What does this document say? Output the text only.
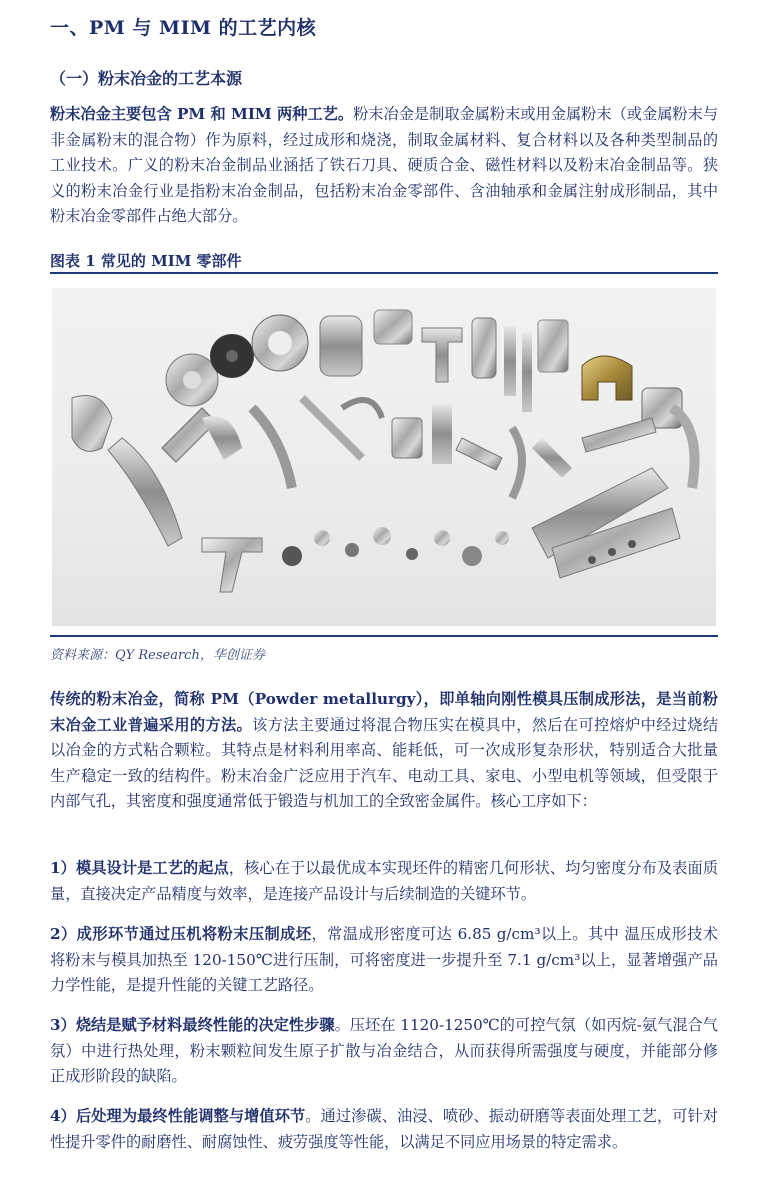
一、PM 与 MIM 的工艺内核
（一）粉末冶金的工艺本源

粉末冶金主要包含 PM 和 MIM 两种工艺。粉末冶金是制取金属粉末或用金属粉末（或金属粉末与非金属粉末的混合物）作为原料，经过成形和烧浇，制取金属材料、复合材料以及各种类型制品的工业技术。广义的粉末冶金制品业涵括了铁石刀具、硬质合金、磁性材料以及粉末冶金制品等。狭义的粉末冶金行业是指粉末冶金制品，包括粉末冶金零部件、含油轴承和金属注射成形制品，其中粉末冶金零部件占绝大部分。

图表 1 常见的 MIM 零部件
资料来源：QY Research，华创证券

传统的粉末冶金，简称 PM（Powder metallurgy），即单轴向刚性模具压制成形法，是当前粉末冶金工业普遍采用的方法。该方法主要通过将混合物压实在模具中，然后在可控熔炉中经过烧结以冶金的方式粘合颗粒。其特点是材料利用率高、能耗低，可一次成形复杂形状，特别适合大批量生产稳定一致的结构件。粉末冶金广泛应用于汽车、电动工具、家电、小型电机等领域，但受限于内部气孔，其密度和强度通常低于锻造与机加工的全致密金属件。核心工序如下：

1）模具设计是工艺的起点，核心在于以最优成本实现坯件的精密几何形状、均匀密度分布及表面质量，直接决定产品精度与效率，是连接产品设计与后续制造的关键环节。

2）成形环节通过压机将粉末压制成坯，常温成形密度可达 6.85 g/cm³以上。其中 温压成形技术 将粉末与模具加热至 120-150℃进行压制，可将密度进一步提升至 7.1 g/cm³以上，显著增强产品力学性能，是提升性能的关键工艺路径。

3）烧结是赋予材料最终性能的决定性步骤。压坯在 1120-1250℃的可控气氛（如丙烷-氨气混合气氛）中进行热处理，粉末颗粒间发生原子扩散与冶金结合，从而获得所需强度与硬度，并能部分修正成形阶段的缺陷。

4）后处理为最终性能调整与增值环节。通过渗碳、油浸、喷砂、振动研磨等表面处理工艺，可针对性提升零件的耐磨性、耐腐蚀性、疲劳强度等性能，以满足不同应用场景的特定需求。
